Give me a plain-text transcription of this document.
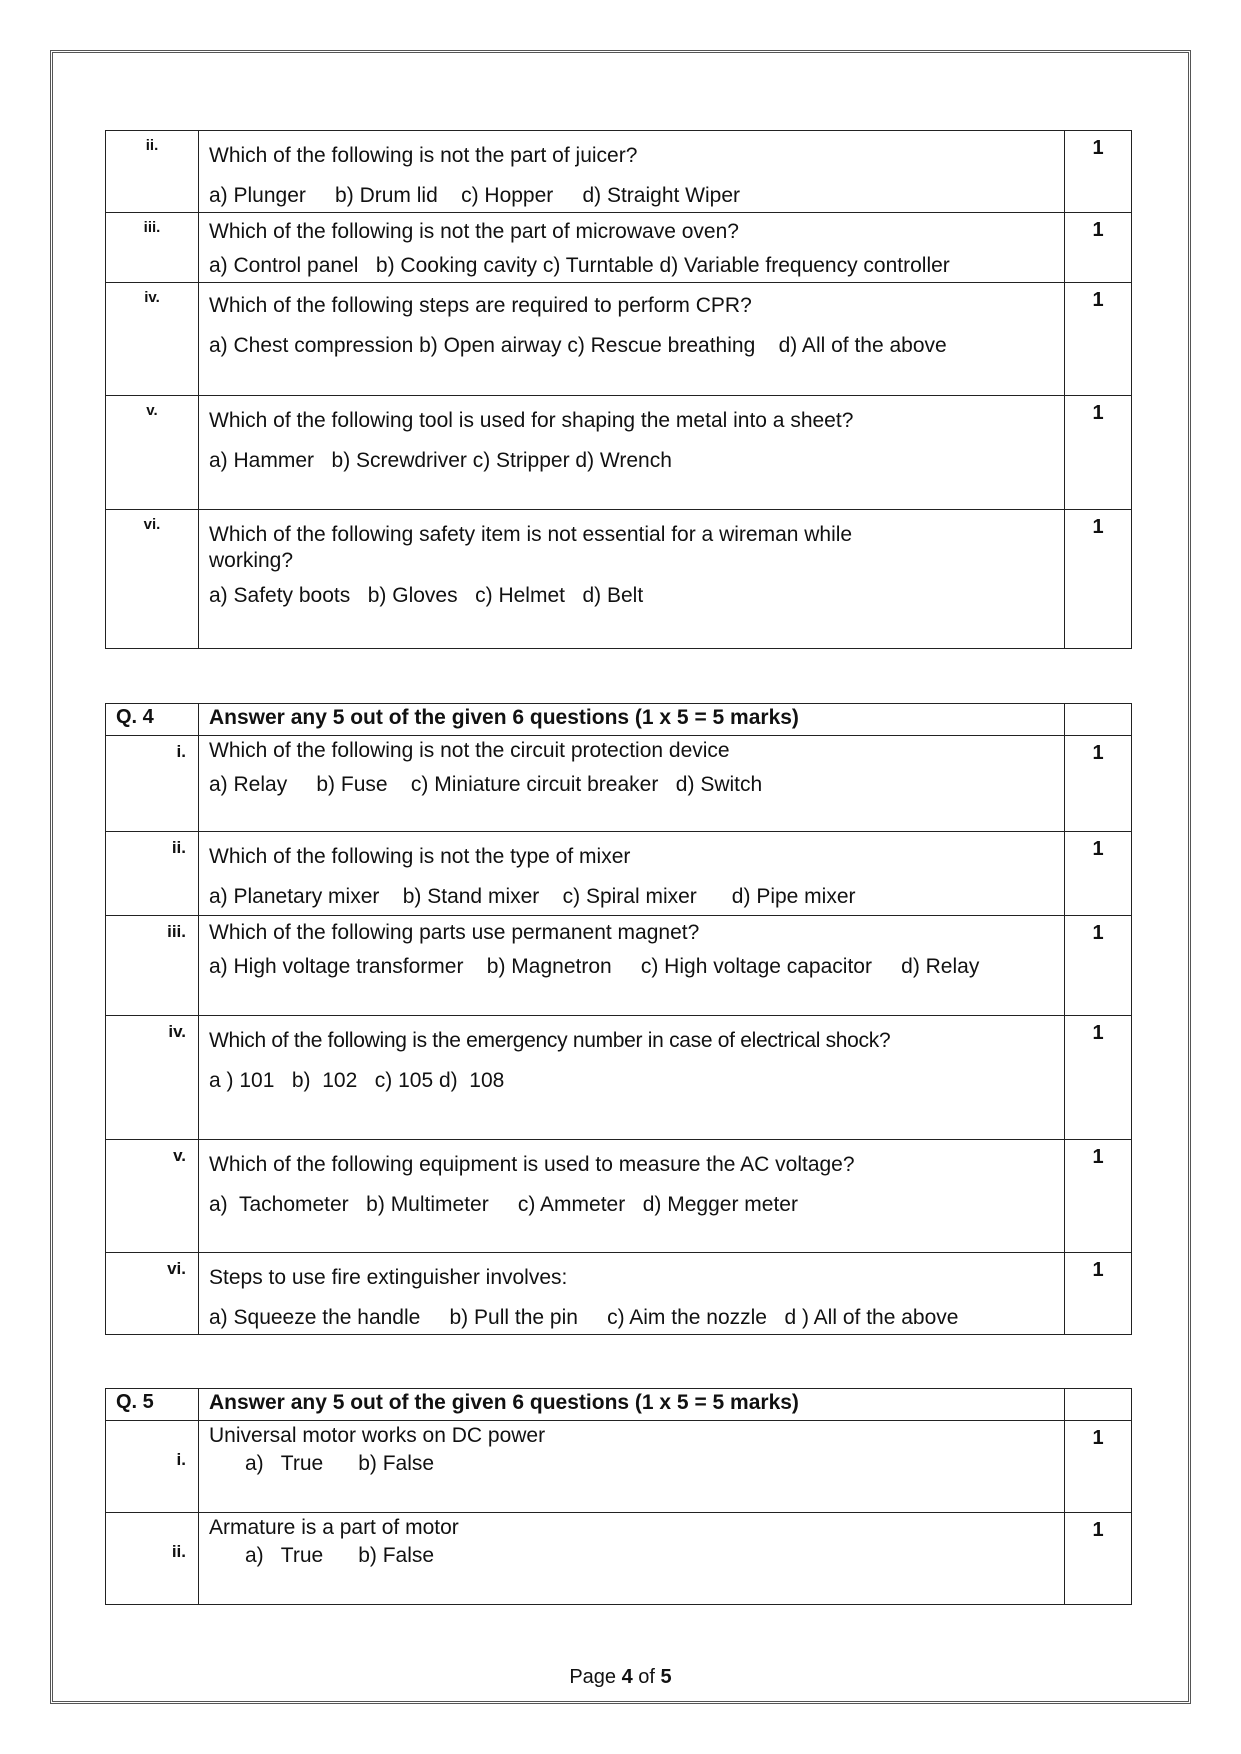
ii.	Which of the following is not the part of juicer?
a) Plunger     b) Drum lid    c) Hopper     d) Straight Wiper	1
iii.	Which of the following is not the part of microwave oven?
a) Control panel   b) Cooking cavity c) Turntable d) Variable frequency controller	1
iv.	Which of the following steps are required to perform CPR?
a) Chest compression b) Open airway c) Rescue breathing    d) All of the above	1
v.	Which of the following tool is used for shaping the metal into a sheet?
a) Hammer   b) Screwdriver c) Stripper d) Wrench	1
vi.	Which of the following safety item is not essential for a wireman while working?
a) Safety boots   b) Gloves   c) Helmet   d) Belt	1
Q. 4	Answer any 5 out of the given 6 questions (1 x 5 = 5 marks)	
i.	Which of the following is not the circuit protection device
a) Relay     b) Fuse    c) Miniature circuit breaker   d) Switch	1
ii.	Which of the following is not the type of mixer
a) Planetary mixer    b) Stand mixer    c) Spiral mixer      d) Pipe mixer	1
iii.	Which of the following parts use permanent magnet?
a) High voltage transformer    b) Magnetron     c) High voltage capacitor     d) Relay	1
iv.	Which of the following is the emergency number in case of electrical shock?
a ) 101   b)  102   c) 105 d)  108	1
v.	Which of the following equipment is used to measure the AC voltage?
a)  Tachometer   b) Multimeter     c) Ammeter   d) Megger meter	1
vi.	Steps to use fire extinguisher involves:
a) Squeeze the handle     b) Pull the pin     c) Aim the nozzle   d ) All of the above	1
Q. 5	Answer any 5 out of the given 6 questions (1 x 5 = 5 marks)	
i.	Universal motor works on DC power
a)   True      b) False	1
ii.	Armature is a part of motor
a)   True      b) False	1
Page 4 of 5
